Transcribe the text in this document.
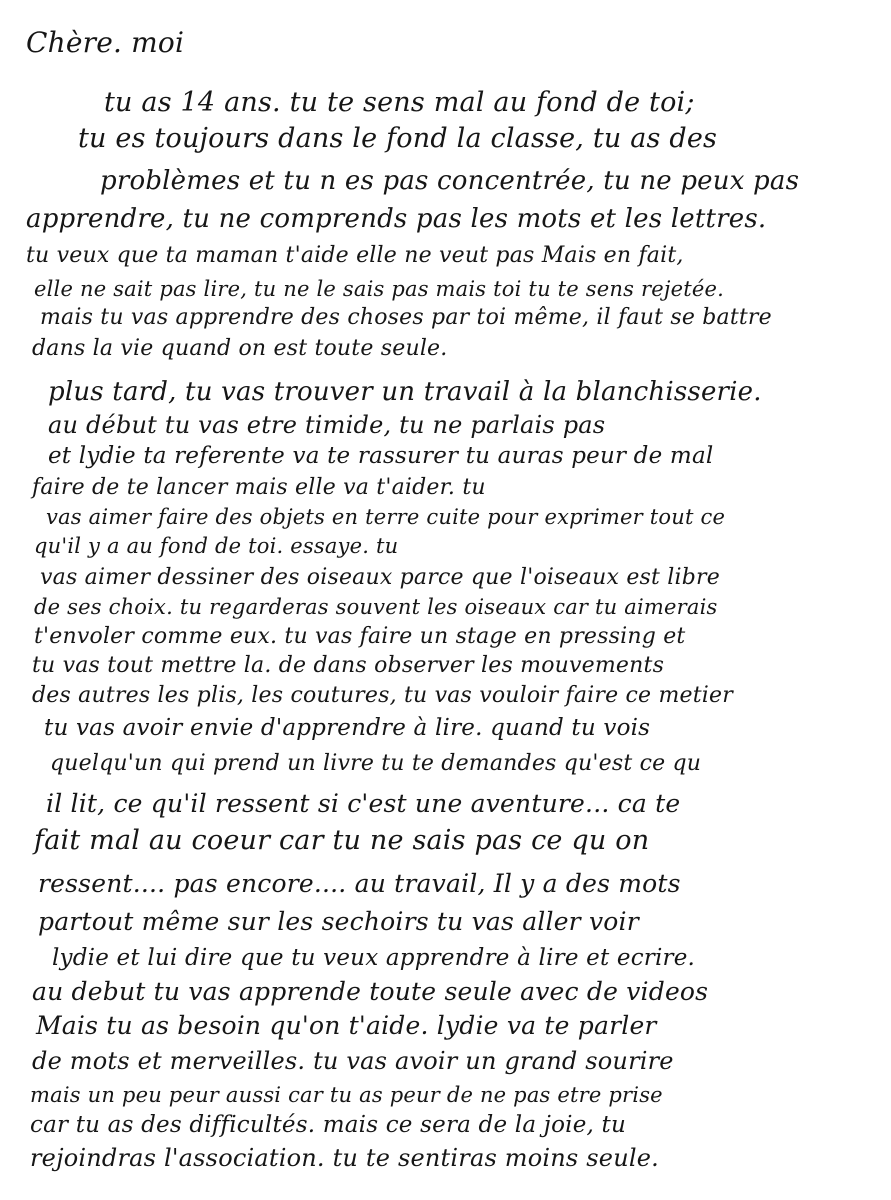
Chère. moi
tu as 14 ans. tu te sens mal au fond de toi;
tu es toujours dans le fond la classe, tu as des
problèmes et tu n es pas concentrée, tu ne peux pas
apprendre, tu ne comprends pas les mots et les lettres.
tu veux que ta maman t'aide elle ne veut pas Mais en fait,
elle ne sait pas lire, tu ne le sais pas mais toi tu te sens rejetée.
mais tu vas apprendre des choses par toi même, il faut se battre
dans la vie quand on est toute seule.
plus tard, tu vas trouver un travail à la blanchisserie.
au début tu vas etre timide, tu ne parlais pas
et lydie ta referente va te rassurer tu auras peur de mal
faire de te lancer mais elle va t'aider. tu
vas aimer faire des objets en terre cuite pour exprimer tout ce
qu'il y a au fond de toi. essaye. tu
vas aimer dessiner des oiseaux parce que l'oiseaux est libre
de ses choix. tu regarderas souvent les oiseaux car tu aimerais
t'envoler comme eux. tu vas faire un stage en pressing et
tu vas tout mettre la. de dans observer les mouvements
des autres les plis, les coutures, tu vas vouloir faire ce metier
tu vas avoir envie d'apprendre à lire. quand tu vois
quelqu'un qui prend un livre tu te demandes qu'est ce qu
il lit, ce qu'il ressent si c'est une aventure... ca te
fait mal au coeur car tu ne sais pas ce qu on
ressent.... pas encore.... au travail, Il y a des mots
partout même sur les sechoirs tu vas aller voir
lydie et lui dire que tu veux apprendre à lire et ecrire.
au debut tu vas apprende toute seule avec de videos
Mais tu as besoin qu'on t'aide. lydie va te parler
de mots et merveilles. tu vas avoir un grand sourire
mais un peu peur aussi car tu as peur de ne pas etre prise
car tu as des difficultés. mais ce sera de la joie, tu
rejoindras l'association. tu te sentiras moins seule.
